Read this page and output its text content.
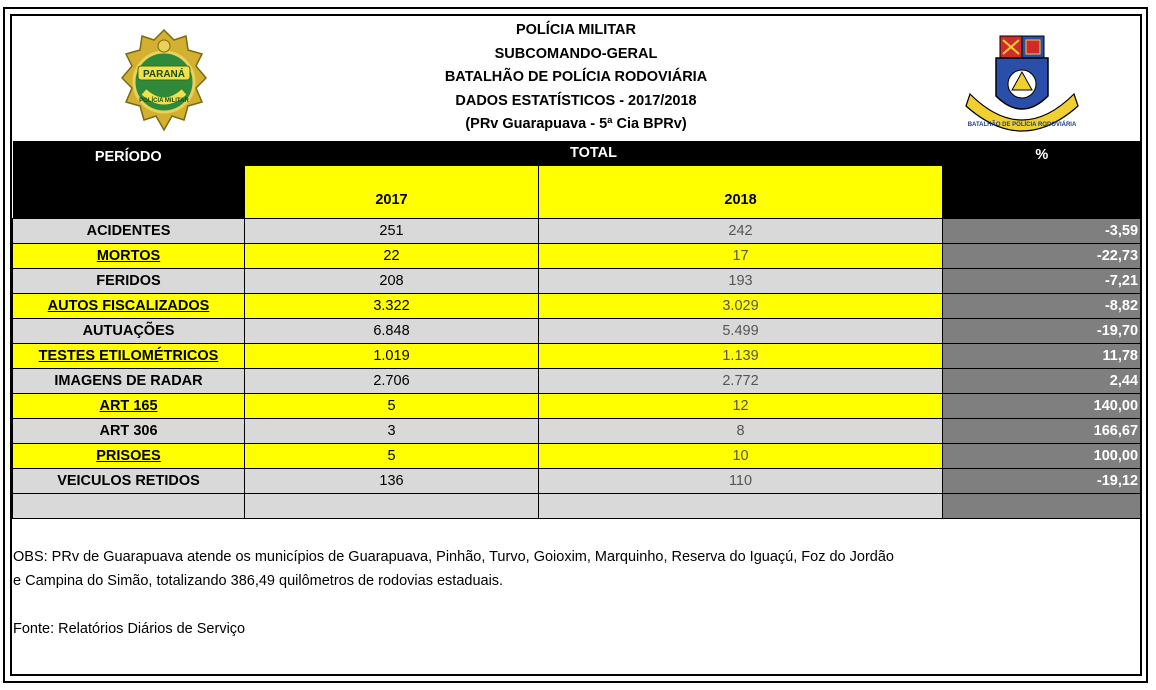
PARANÁ
POLÍCIA MILITAR
POLÍCIA MILITAR
SUBCOMANDO-GERAL
BATALHÃO DE POLÍCIA RODOVIÁRIA
DADOS ESTATÍSTICOS - 2017/2018
(PRv Guarapuava - 5ª Cia BPRv)	BATALHÃO DE POLÍCIA RODOVIÁRIA
PERÍODO	TOTAL		%
	2017	2018	
ACIDENTES	251	242	-3,59
MORTOS	22	17	-22,73
FERIDOS	208	193	-7,21
AUTOS FISCALIZADOS	3.322	3.029	-8,82
AUTUAÇÕES	6.848	5.499	-19,70
TESTES ETILOMÉTRICOS	1.019	1.139	11,78
IMAGENS DE RADAR	2.706	2.772	2,44
ART 165	5	12	140,00
ART 306	3	8	166,67
PRISOES	5	10	100,00
VEICULOS RETIDOS	136	110	-19,12

OBS: PRv de Guarapuava atende os municípios de Guarapuava, Pinhão, Turvo, Goioxim, Marquinho, Reserva do Iguaçú, Foz do Jordão
e Campina do Simão, totalizando 386,49 quilômetros de rodovias estaduais.
Fonte: Relatórios Diários de Serviço
